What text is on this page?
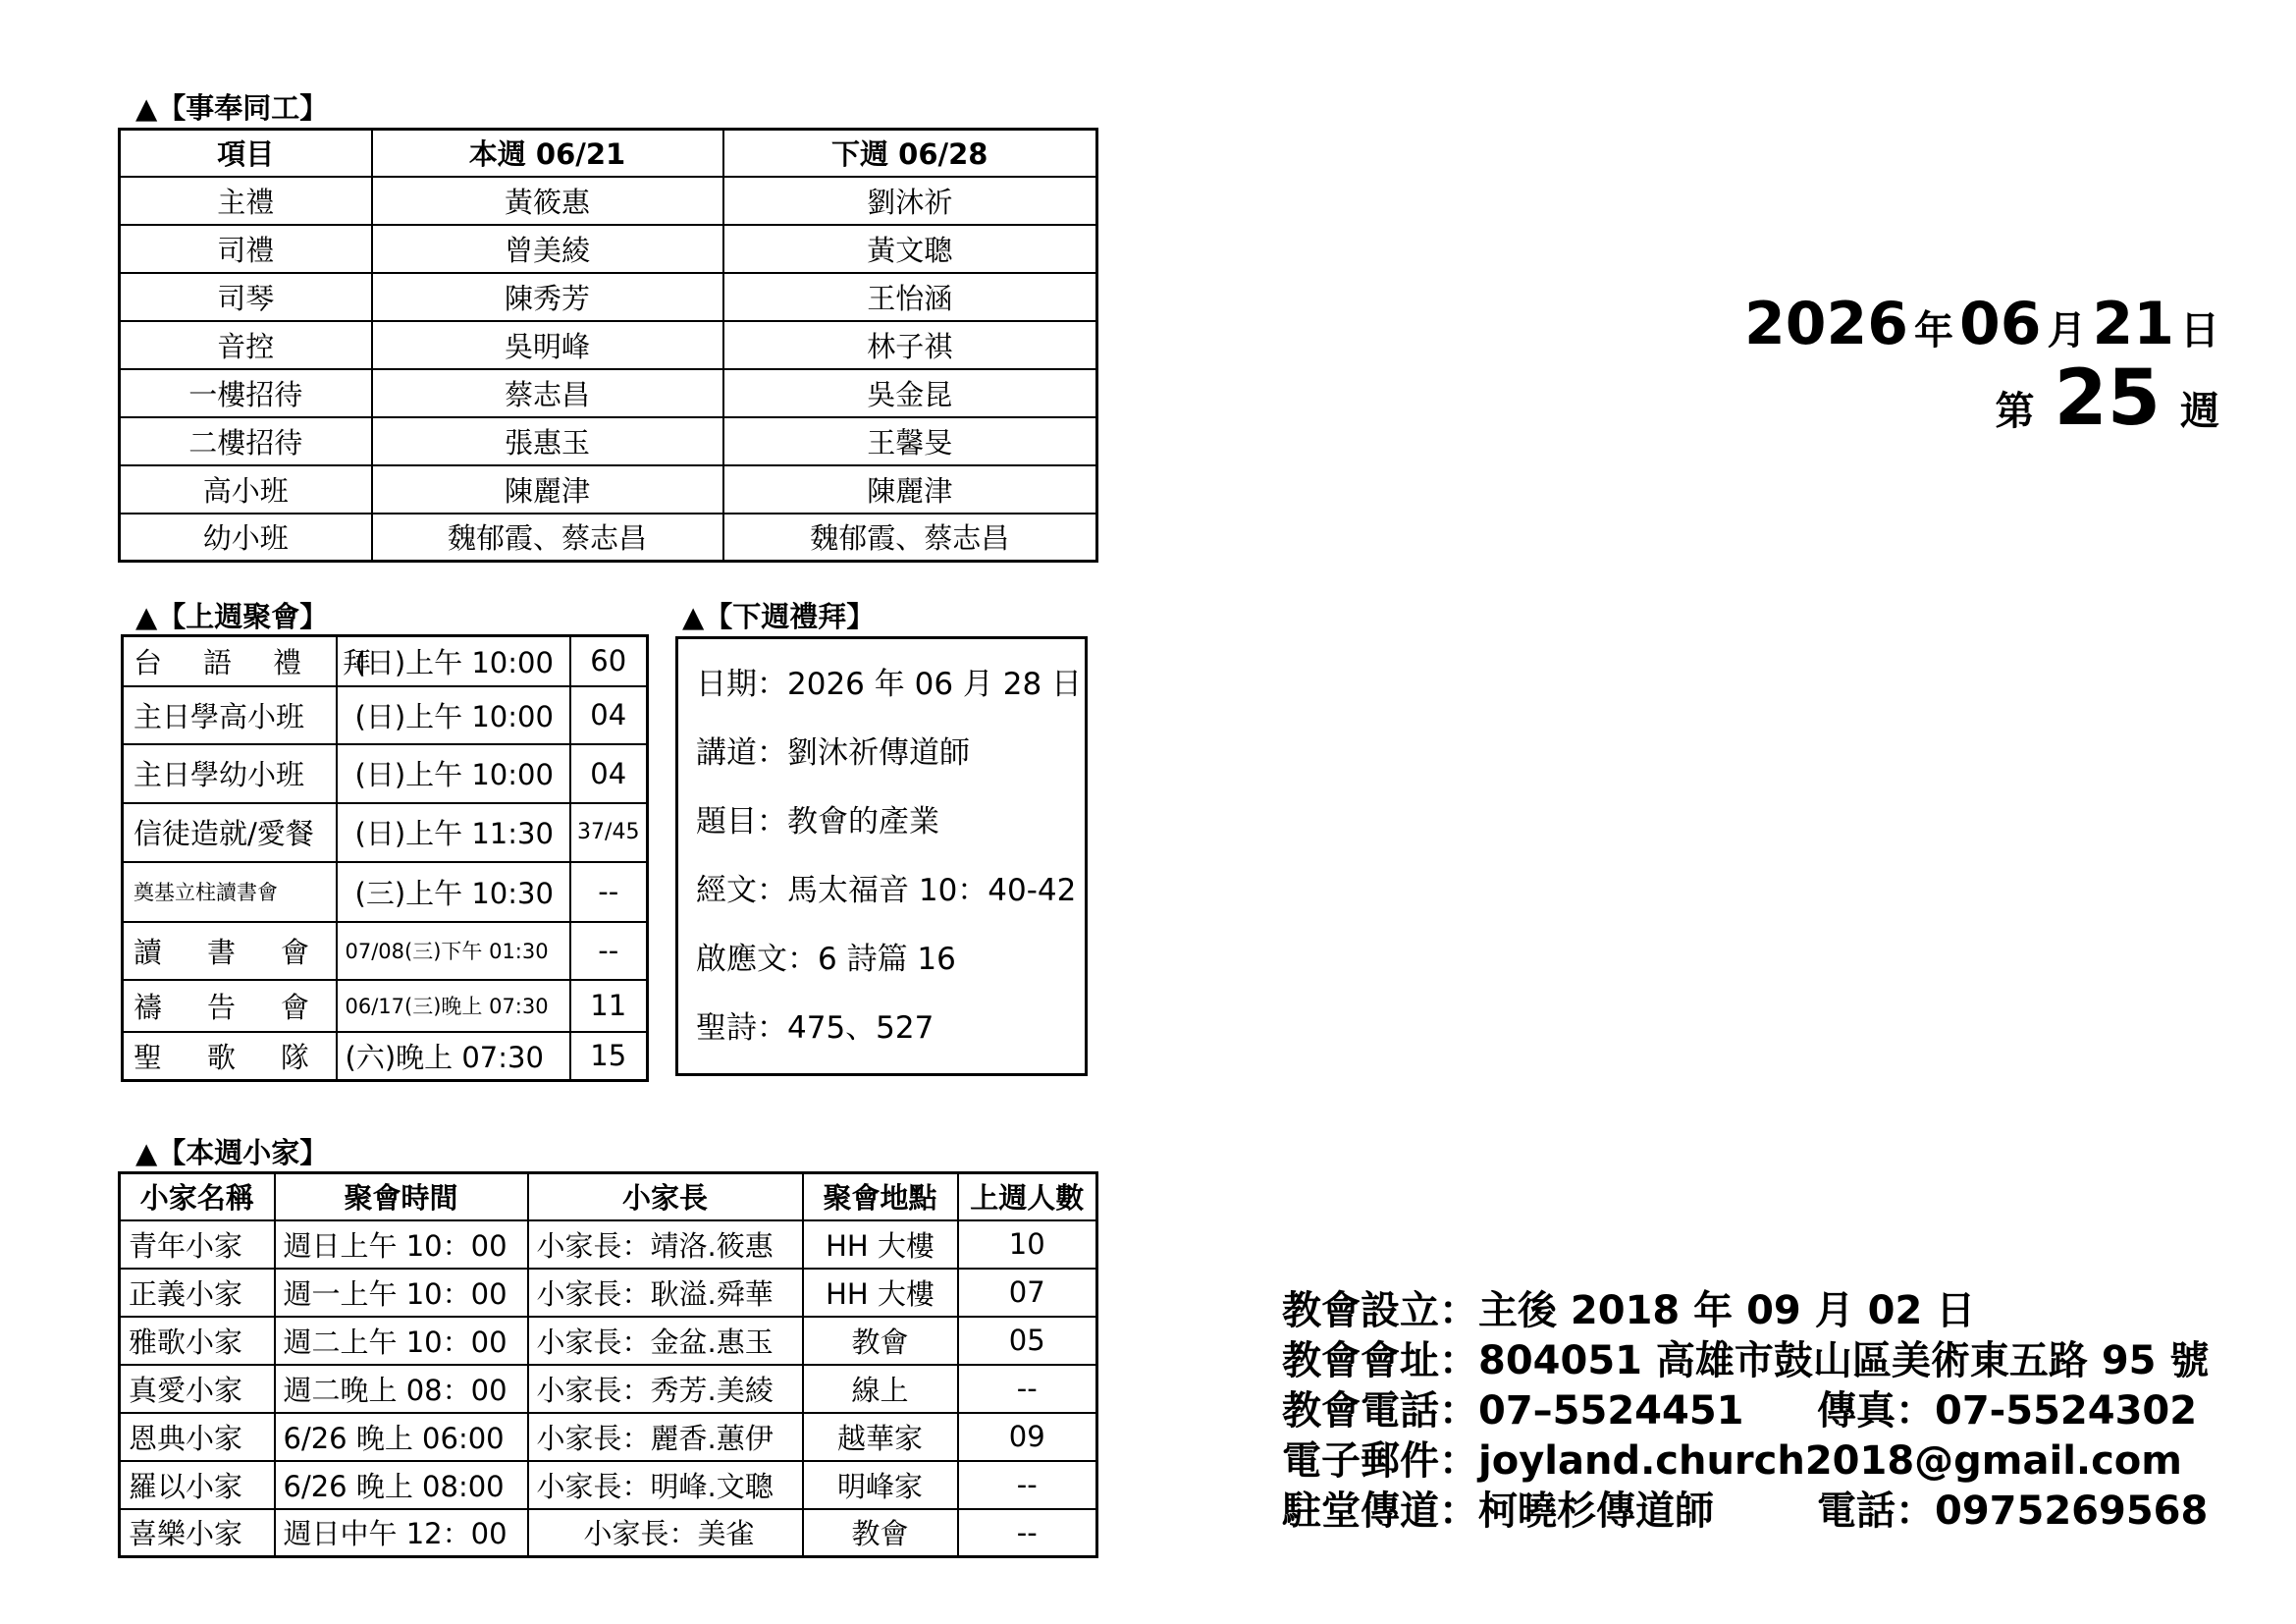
▲【事奉同工】
項目	本週 06/21	下週 06/28
主禮	黃筱惠	劉沐祈
司禮	曾美綾	黃文聰
司琴	陳秀芳	王怡涵
音控	吳明峰	林子祺
一樓招待	蔡志昌	吳金昆
二樓招待	張惠玉	王馨旻
高小班	陳麗津	陳麗津
幼小班	魏郁霞、蔡志昌	魏郁霞、蔡志昌
▲【上週聚會】
台語禮拜	(日)上午 10:00	60
主日學高小班	(日)上午 10:00	04
主日學幼小班	(日)上午 10:00	04
信徒造就/愛餐	(日)上午 11:30	37/45
奠基立柱讀書會	(三)上午 10:30	--
讀書會	07/08(三)下午 01:30	--
禱告會	06/17(三)晚上 07:30	11
聖歌隊	(六)晚上 07:30	15
▲【下週禮拜】
日期：2026 年 06 月 28 日
講道：劉沐祈傳道師
題目：教會的產業
經文：馬太福音 10：40-42
啟應文：6 詩篇 16
聖詩：475、527
▲【本週小家】
小家名稱	聚會時間	小家長	聚會地點	上週人數
青年小家	週日上午 10：00	小家長：靖洛.筱惠	HH 大樓	10
正義小家	週一上午 10：00	小家長：耿溢.舜華	HH 大樓	07
雅歌小家	週二上午 10：00	小家長：金盆.惠玉	教會	05
真愛小家	週二晚上 08：00	小家長：秀芳.美綾	線上	--
恩典小家	6/26 晚上 06:00	小家長：麗香.蕙伊	越華家	09
羅以小家	6/26 晚上 08:00	小家長：明峰.文聰	明峰家	--
喜樂小家	週日中午 12：00	小家長：美雀	教會	--
2026 年 06 月 21 日
第 25 週
教會設立：主後 2018 年 09 月 02 日
教會會址：804051 高雄市鼓山區美術東五路 95 號
教會電話：07–5524451 傳真：07-5524302
電子郵件：joyland.church2018@gmail.com
駐堂傳道：柯曉杉傳道師	電話：0975269568
